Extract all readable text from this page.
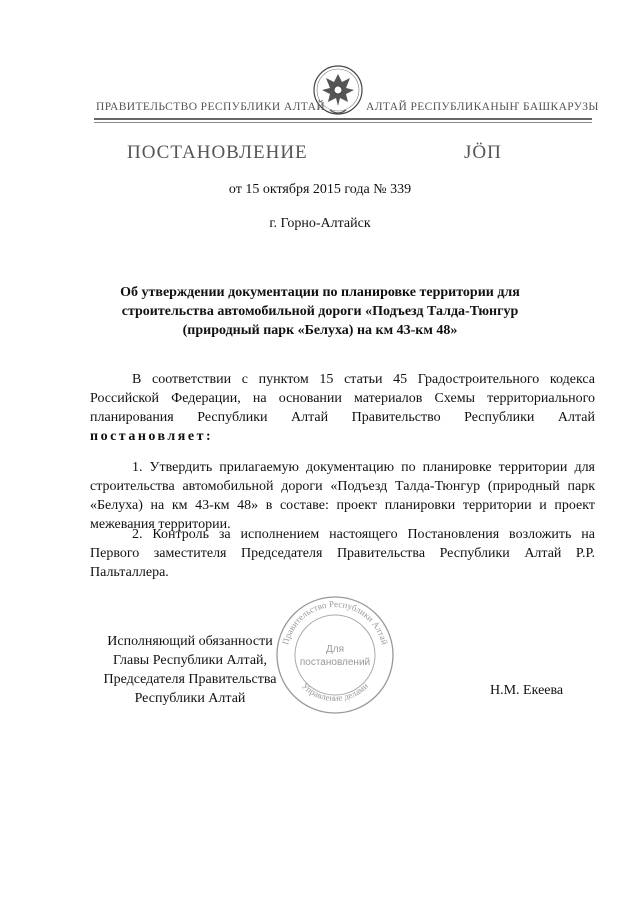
ПРАВИТЕЛЬСТВО РЕСПУБЛИКИ АЛТАЙ	АЛТАЙ РЕСПУБЛИКАНЫҤ БАШКАРУЗЫ
ПОСТАНОВЛЕНИЕ	JӦП
от 15 октября 2015 года № 339
г. Горно-Алтайск
Об утверждении документации по планировке территории для
строительства автомобильной дороги «Подъезд Талда-Тюнгур
(природный парк «Белуха) на км 43-км 48»
В соответствии с пунктом 15 статьи 45 Градостроительного кодекса Российской Федерации, на основании материалов Схемы территориального планирования Республики Алтай Правительство Республики Алтай постановляет:
1. Утвердить прилагаемую документацию по планировке территории для строительства автомобильной дороги «Подъезд Талда-Тюнгур (природный парк «Белуха) на км 43-км 48» в составе: проект планировки территории и проект межевания территории.
2. Контроль за исполнением настоящего Постановления возложить на Первого заместителя Председателя Правительства Республики Алтай Р.Р. Пальталлера.
Правительство Республики Алтай
Управление делами
Для
постановлений
Исполняющий обязанности
Главы Республики Алтай,
Председателя Правительства
Республики Алтай
Н.М. Екеева
